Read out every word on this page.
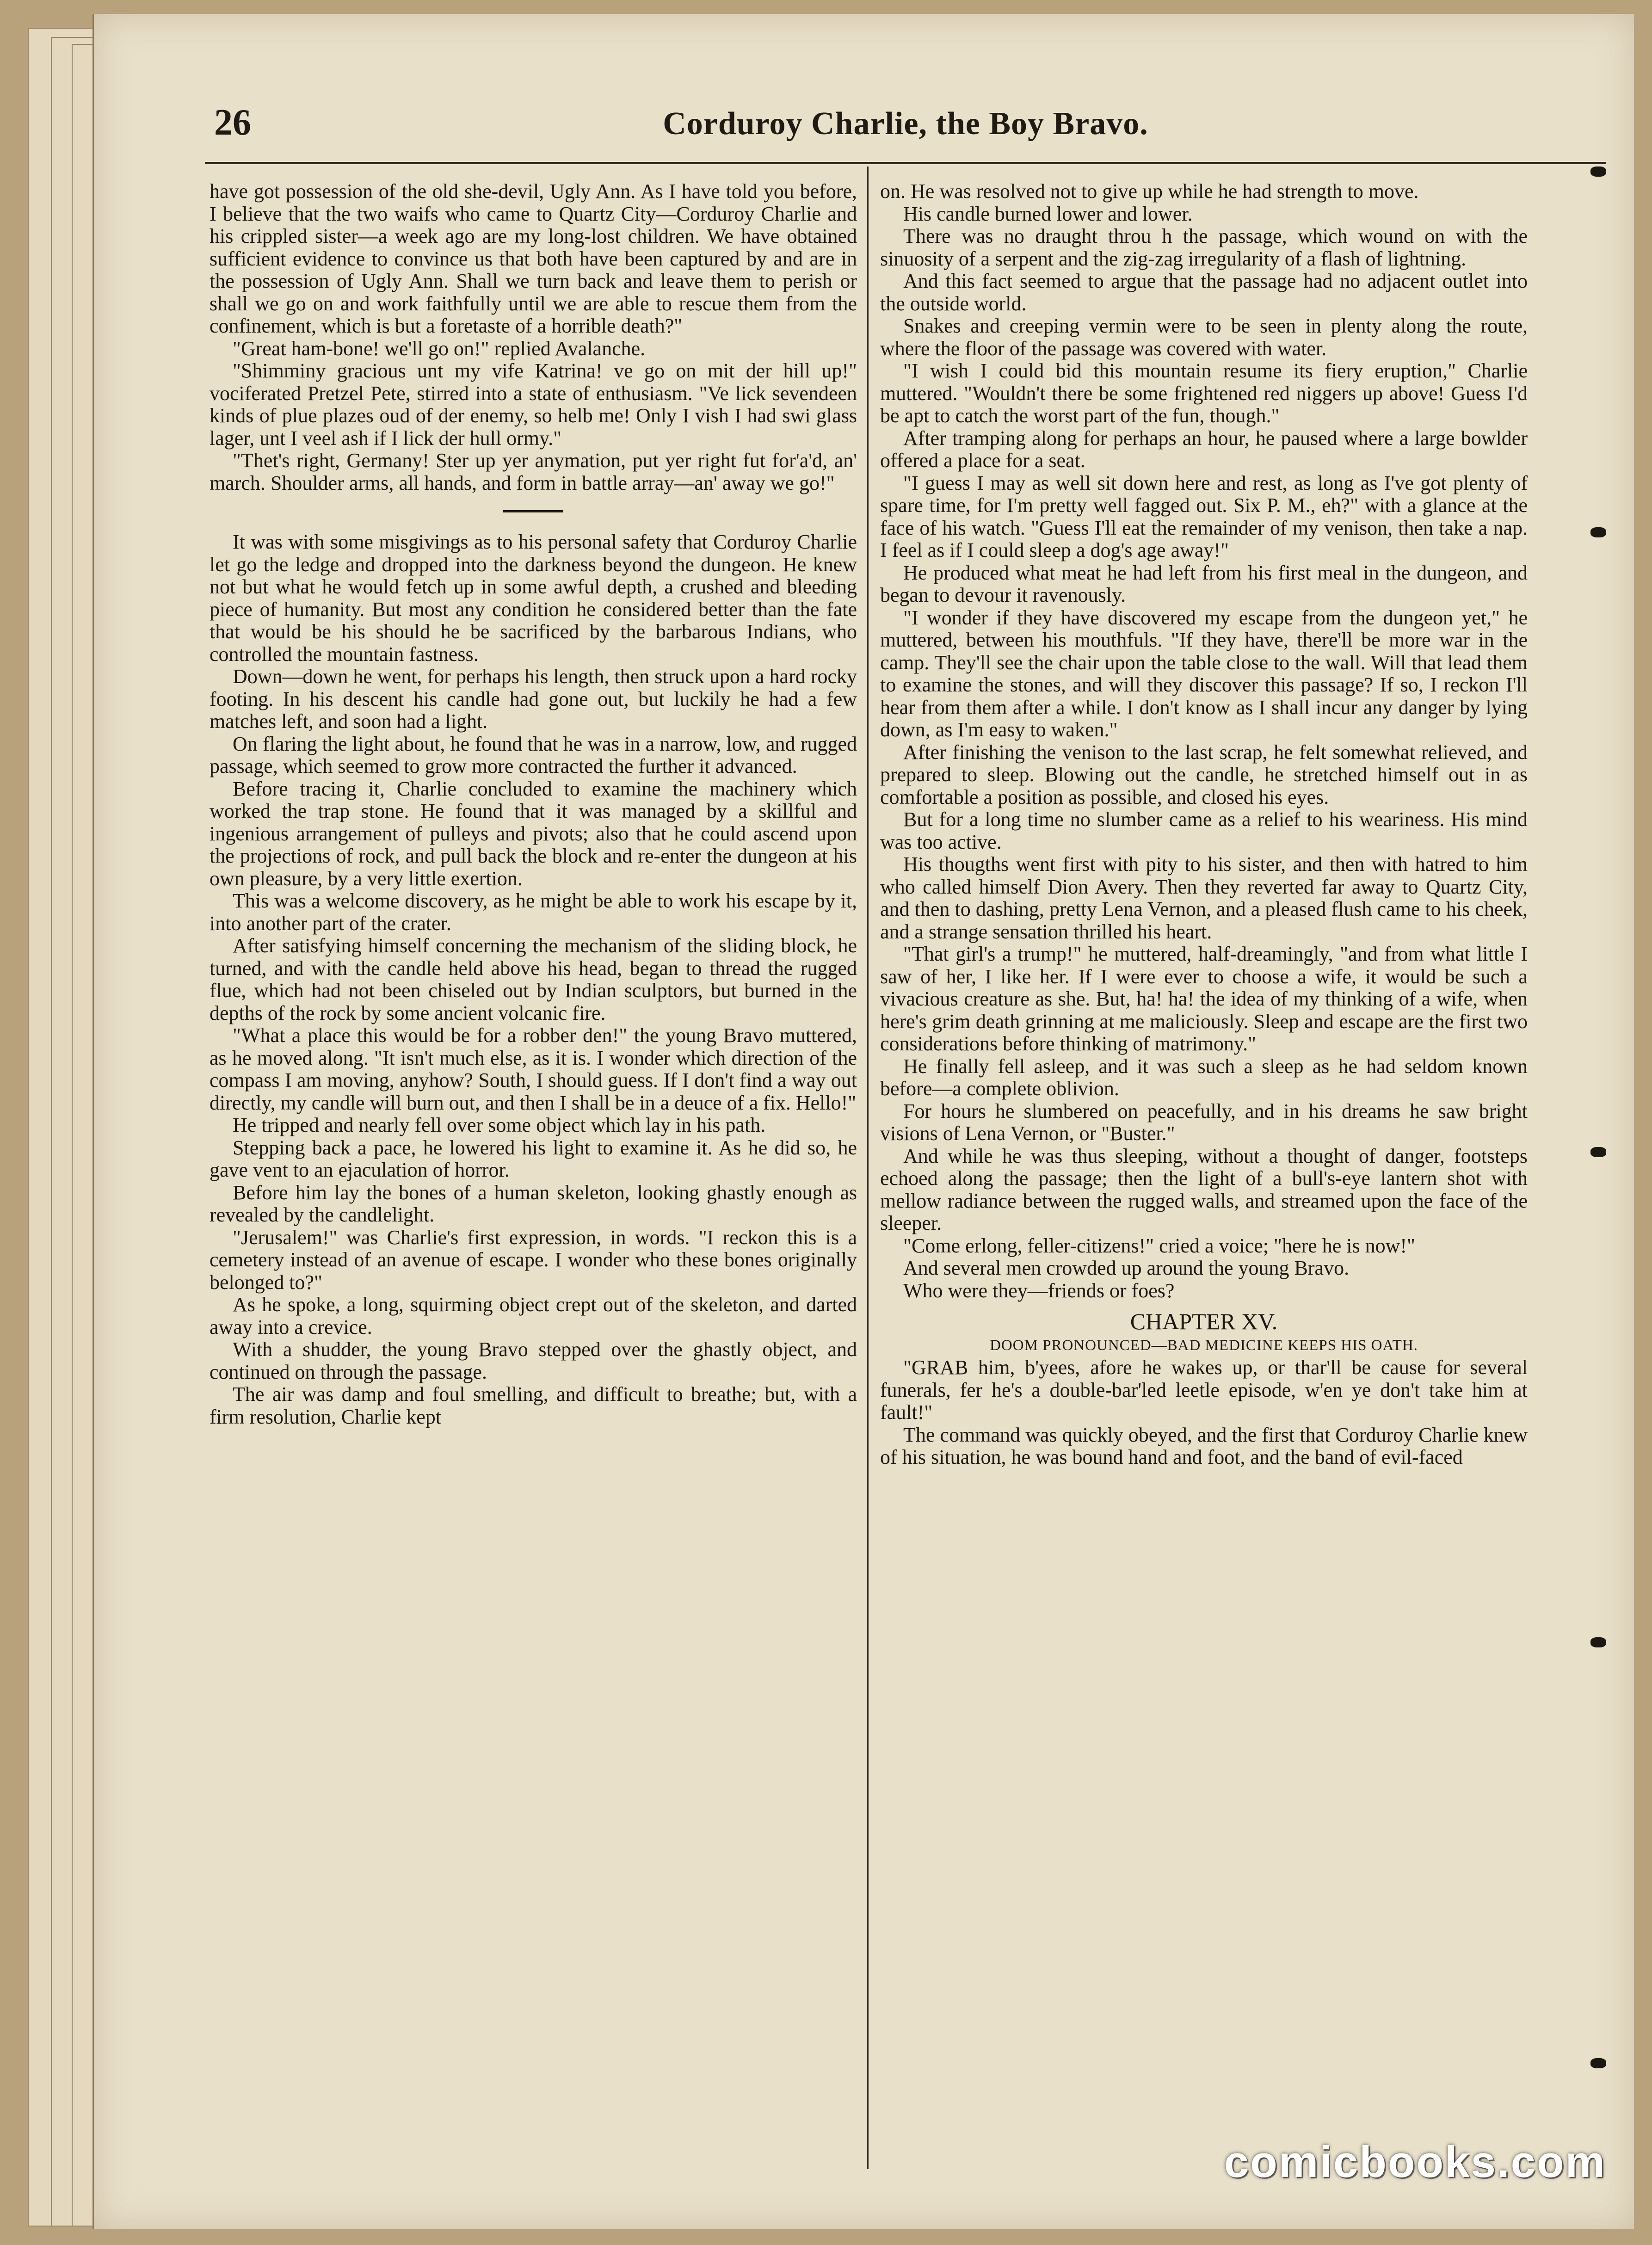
26	Corduroy Charlie, the Boy Bravo.

have got possession of the old she-devil, Ugly Ann. As I have told you before, I believe that the two waifs who came to Quartz City—Corduroy Charlie and his crippled sister—a week ago are my long-lost children. We have obtained sufficient evidence to convince us that both have been captured by and are in the possession of Ugly Ann. Shall we turn back and leave them to perish or shall we go on and work faithfully until we are able to rescue them from the confinement, which is but a foretaste of a horrible death?"

"Great ham-bone! we'll go on!" replied Avalanche.

"Shimminy gracious unt my vife Katrina! ve go on mit der hill up!" vociferated Pretzel Pete, stirred into a state of enthusiasm. "Ve lick sevendeen kinds of plue plazes oud of der enemy, so helb me! Only I vish I had swi glass lager, unt I veel ash if I lick der hull ormy."

"Thet's right, Germany! Ster up yer anymation, put yer right fut for'a'd, an' march. Shoulder arms, all hands, and form in battle array—an' away we go!"

It was with some misgivings as to his personal safety that Corduroy Charlie let go the ledge and dropped into the darkness beyond the dungeon. He knew not but what he would fetch up in some awful depth, a crushed and bleeding piece of humanity. But most any condition he considered better than the fate that would be his should he be sacrificed by the barbarous Indians, who controlled the mountain fastness.

Down—down he went, for perhaps his length, then struck upon a hard rocky footing. In his descent his candle had gone out, but luckily he had a few matches left, and soon had a light.

On flaring the light about, he found that he was in a narrow, low, and rugged passage, which seemed to grow more contracted the further it advanced.

Before tracing it, Charlie concluded to examine the machinery which worked the trap stone. He found that it was managed by a skillful and ingenious arrangement of pulleys and pivots; also that he could ascend upon the projections of rock, and pull back the block and re-enter the dungeon at his own pleasure, by a very little exertion.

This was a welcome discovery, as he might be able to work his escape by it, into another part of the crater.

After satisfying himself concerning the mechanism of the sliding block, he turned, and with the candle held above his head, began to thread the rugged flue, which had not been chiseled out by Indian sculptors, but burned in the depths of the rock by some ancient volcanic fire.

"What a place this would be for a robber den!" the young Bravo muttered, as he moved along. "It isn't much else, as it is. I wonder which direction of the compass I am moving, anyhow? South, I should guess. If I don't find a way out directly, my candle will burn out, and then I shall be in a deuce of a fix. Hello!"

He tripped and nearly fell over some object which lay in his path.

Stepping back a pace, he lowered his light to examine it. As he did so, he gave vent to an ejaculation of horror.

Before him lay the bones of a human skeleton, looking ghastly enough as revealed by the candlelight.

"Jerusalem!" was Charlie's first expression, in words. "I reckon this is a cemetery instead of an avenue of escape. I wonder who these bones originally belonged to?"

As he spoke, a long, squirming object crept out of the skeleton, and darted away into a crevice.

With a shudder, the young Bravo stepped over the ghastly object, and continued on through the passage.

The air was damp and foul smelling, and difficult to breathe; but, with a firm resolution, Charlie kept

on. He was resolved not to give up while he had strength to move.

His candle burned lower and lower.

There was no draught throu h the passage, which wound on with the sinuosity of a serpent and the zig-zag irregularity of a flash of lightning.

And this fact seemed to argue that the passage had no adjacent outlet into the outside world.

Snakes and creeping vermin were to be seen in plenty along the route, where the floor of the passage was covered with water.

"I wish I could bid this mountain resume its fiery eruption," Charlie muttered. "Wouldn't there be some frightened red niggers up above! Guess I'd be apt to catch the worst part of the fun, though."

After tramping along for perhaps an hour, he paused where a large bowlder offered a place for a seat.

"I guess I may as well sit down here and rest, as long as I've got plenty of spare time, for I'm pretty well fagged out. Six P. M., eh?" with a glance at the face of his watch. "Guess I'll eat the remainder of my venison, then take a nap. I feel as if I could sleep a dog's age away!"

He produced what meat he had left from his first meal in the dungeon, and began to devour it ravenously.

"I wonder if they have discovered my escape from the dungeon yet," he muttered, between his mouthfuls. "If they have, there'll be more war in the camp. They'll see the chair upon the table close to the wall. Will that lead them to examine the stones, and will they discover this passage? If so, I reckon I'll hear from them after a while. I don't know as I shall incur any danger by lying down, as I'm easy to waken."

After finishing the venison to the last scrap, he felt somewhat relieved, and prepared to sleep. Blowing out the candle, he stretched himself out in as comfortable a position as possible, and closed his eyes.

But for a long time no slumber came as a relief to his weariness. His mind was too active.

His thougths went first with pity to his sister, and then with hatred to him who called himself Dion Avery. Then they reverted far away to Quartz City, and then to dashing, pretty Lena Vernon, and a pleased flush came to his cheek, and a strange sensation thrilled his heart.

"That girl's a trump!" he muttered, half-dreamingly, "and from what little I saw of her, I like her. If I were ever to choose a wife, it would be such a vivacious creature as she. But, ha! ha! the idea of my thinking of a wife, when here's grim death grinning at me maliciously. Sleep and escape are the first two considerations before thinking of matrimony."

He finally fell asleep, and it was such a sleep as he had seldom known before—a complete oblivion.

For hours he slumbered on peacefully, and in his dreams he saw bright visions of Lena Vernon, or "Buster."

And while he was thus sleeping, without a thought of danger, footsteps echoed along the passage; then the light of a bull's-eye lantern shot with mellow radiance between the rugged walls, and streamed upon the face of the sleeper.

"Come erlong, feller-citizens!" cried a voice; "here he is now!"

And several men crowded up around the young Bravo.

Who were they—friends or foes?

CHAPTER XV.
DOOM PRONOUNCED—BAD MEDICINE KEEPS HIS OATH.

"GRAB him, b'yees, afore he wakes up, or thar'll be cause for several funerals, fer he's a double-bar'led leetle episode, w'en ye don't take him at fault!"

The command was quickly obeyed, and the first that Corduroy Charlie knew of his situation, he was bound hand and foot, and the band of evil-faced

comicbooks.com
